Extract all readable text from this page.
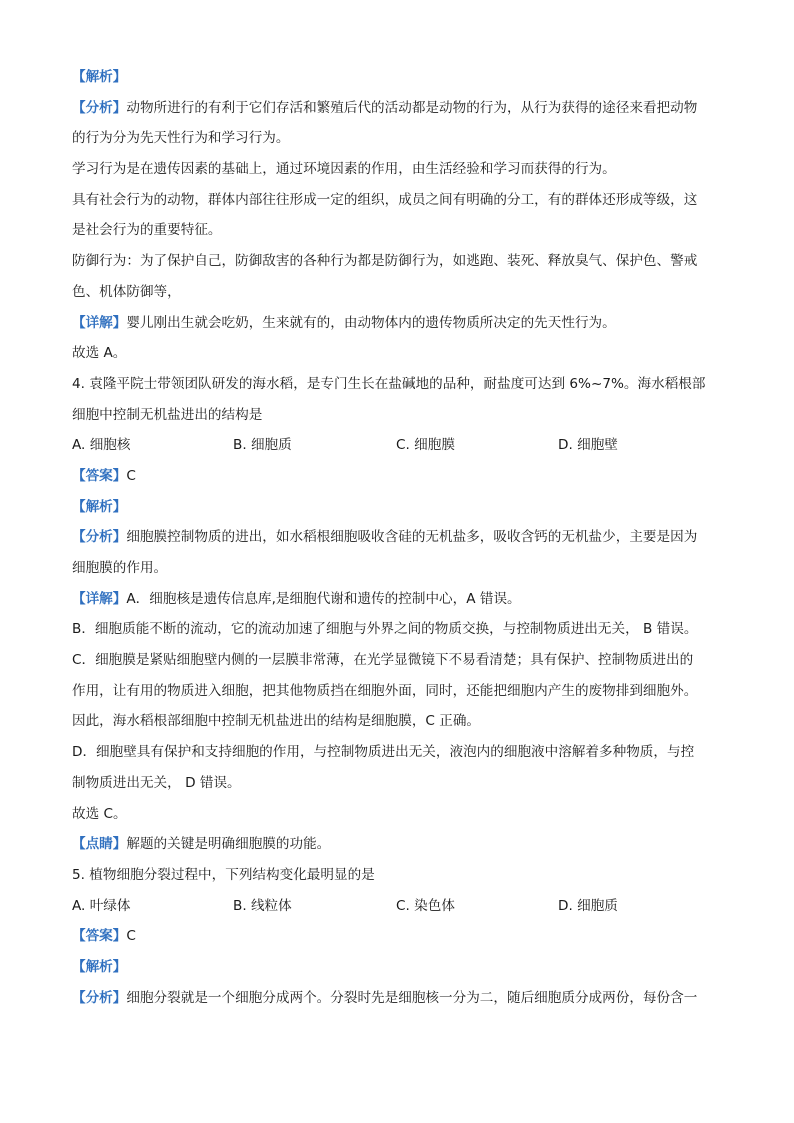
【解析】
【分析】动物所进行的有利于它们存活和繁殖后代的活动都是动物的行为，从行为获得的途径来看把动物
的行为分为先天性行为和学习行为。
学习行为是在遗传因素的基础上，通过环境因素的作用，由生活经验和学习而获得的行为。
具有社会行为的动物，群体内部往往形成一定的组织，成员之间有明确的分工，有的群体还形成等级，这
是社会行为的重要特征。
防御行为：为了保护自己，防御敌害的各种行为都是防御行为，如逃跑、装死、释放臭气、保护色、警戒
色、机体防御等，
【详解】婴儿刚出生就会吃奶，生来就有的，由动物体内的遗传物质所决定的先天性行为。
故选 A。
4. 袁隆平院士带领团队研发的海水稻，是专门生长在盐碱地的品种，耐盐度可达到 6%~7%。海水稻根部
细胞中控制无机盐进出的结构是
A. 细胞核	B. 细胞质	C. 细胞膜	D. 细胞壁
【答案】C
【解析】
【分析】细胞膜控制物质的进出，如水稻根细胞吸收含硅的无机盐多，吸收含钙的无机盐少，主要是因为
细胞膜的作用。
【详解】A．细胞核是遗传信息库,是细胞代谢和遗传的控制中心，A 错误。
B．细胞质能不断的流动，它的流动加速了细胞与外界之间的物质交换，与控制物质进出无关， B 错误。
C．细胞膜是紧贴细胞壁内侧的一层膜非常薄，在光学显微镜下不易看清楚；具有保护、控制物质进出的
作用，让有用的物质进入细胞，把其他物质挡在细胞外面，同时，还能把细胞内产生的废物排到细胞外。
因此，海水稻根部细胞中控制无机盐进出的结构是细胞膜，C 正确。
D．细胞壁具有保护和支持细胞的作用，与控制物质进出无关，液泡内的细胞液中溶解着多种物质，与控
制物质进出无关， D 错误。
故选 C。
【点睛】解题的关键是明确细胞膜的功能。
5. 植物细胞分裂过程中，下列结构变化最明显的是
A. 叶绿体	B. 线粒体	C. 染色体	D. 细胞质
【答案】C
【解析】
【分析】细胞分裂就是一个细胞分成两个。分裂时先是细胞核一分为二，随后细胞质分成两份，每份含一
